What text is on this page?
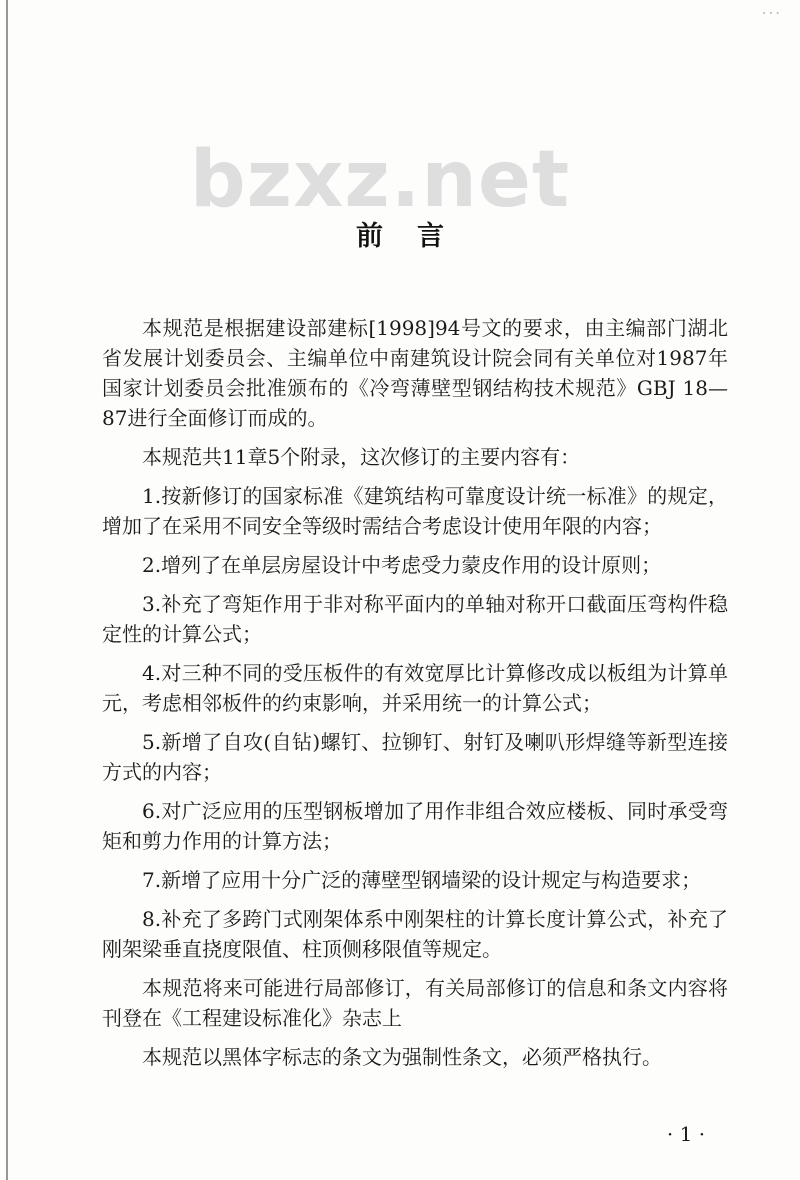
...
bzxz.net
前言

本规范是根据建设部建标[1998]94号文的要求，由主编部门湖北省发展计划委员会、主编单位中南建筑设计院会同有关单位对1987年国家计划委员会批准颁布的《冷弯薄壁型钢结构技术规范》GBJ 18—87进行全面修订而成的。

本规范共11章5个附录，这次修订的主要内容有：

1.按新修订的国家标准《建筑结构可靠度设计统一标准》的规定，增加了在采用不同安全等级时需结合考虑设计使用年限的内容；

2.增列了在单层房屋设计中考虑受力蒙皮作用的设计原则；

3.补充了弯矩作用于非对称平面内的单轴对称开口截面压弯构件稳定性的计算公式；

4.对三种不同的受压板件的有效宽厚比计算修改成以板组为计算单元，考虑相邻板件的约束影响，并采用统一的计算公式；

5.新增了自攻(自钻)螺钉、拉铆钉、射钉及喇叭形焊缝等新型连接方式的内容；

6.对广泛应用的压型钢板增加了用作非组合效应楼板、同时承受弯矩和剪力作用的计算方法；

7.新增了应用十分广泛的薄壁型钢墙梁的设计规定与构造要求；

8.补充了多跨门式刚架体系中刚架柱的计算长度计算公式，补充了刚架梁垂直挠度限值、柱顶侧移限值等规定。

本规范将来可能进行局部修订，有关局部修订的信息和条文内容将刊登在《工程建设标准化》杂志上

本规范以黑体字标志的条文为强制性条文，必须严格执行。

· 1 ·
